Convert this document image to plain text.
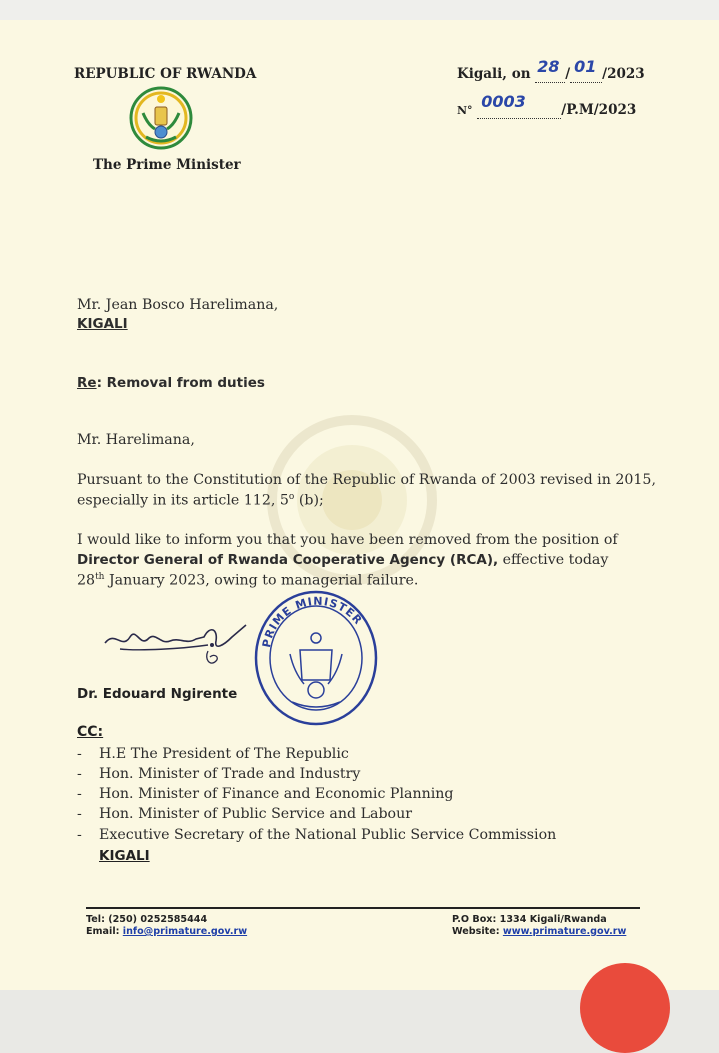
REPUBLIC OF RWANDA
The Prime Minister
Kigali, on 28 / 01 /2023
N° 0003	/P.M/2023
Mr. Jean Bosco Harelimana,
KIGALI
Re: Removal from duties
Mr. Harelimana,
Pursuant to the Constitution of the Republic of Rwanda of 2003 revised in 2015,
especially in its article 112, 5$^o$ (b);
I would like to inform you that you have been removed from the position of
Director General of Rwanda Cooperative Agency (RCA), effective today
28th January 2023, owing to managerial failure.
Dr. Edouard Ngirente
PRIME MINISTER
CC:
- H.E The President of The Republic
- Hon. Minister of Trade and Industry
- Hon. Minister of Finance and Economic Planning
- Hon. Minister of Public Service and Labour
- Executive Secretary of the National Public Service Commission
KIGALI
Tel: (250) 0252585444
Email: info@primature.gov.rw
P.O Box: 1334 Kigali/Rwanda
Website: www.primature.gov.rw
